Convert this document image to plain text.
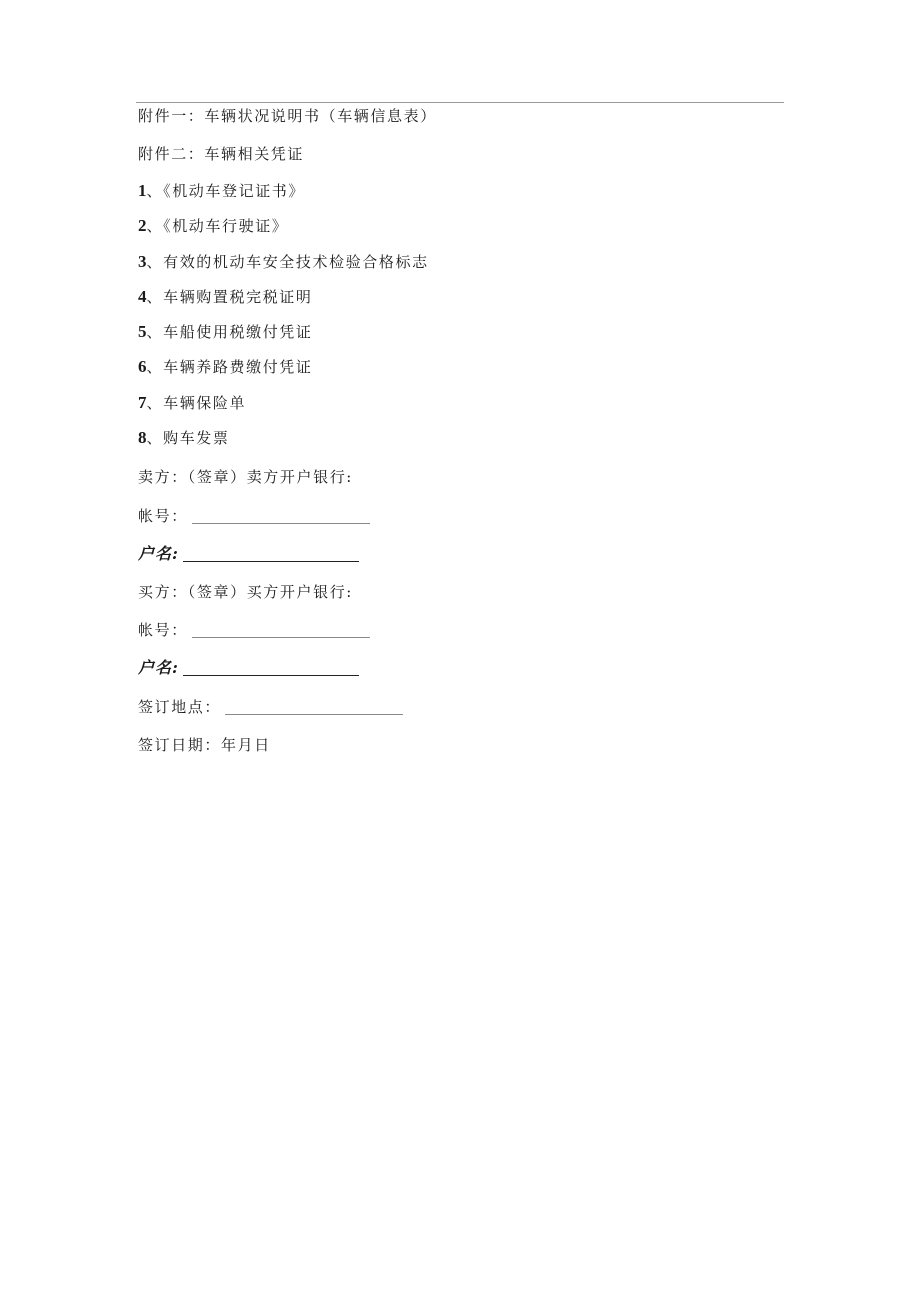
附件一：车辆状况说明书（车辆信息表）
附件二：车辆相关凭证
1、《机动车登记证书》
2、《机动车行驶证》
3、有效的机动车安全技术检验合格标志
4、车辆购置税完税证明
5、车船使用税缴付凭证
6、车辆养路费缴付凭证
7、车辆保险单
8、购车发票
卖方：（签章）卖方开户银行:
帐号：
户名:
买方：（签章）买方开户银行:
帐号：
户名:
签订地点：
签订日期：年月日
